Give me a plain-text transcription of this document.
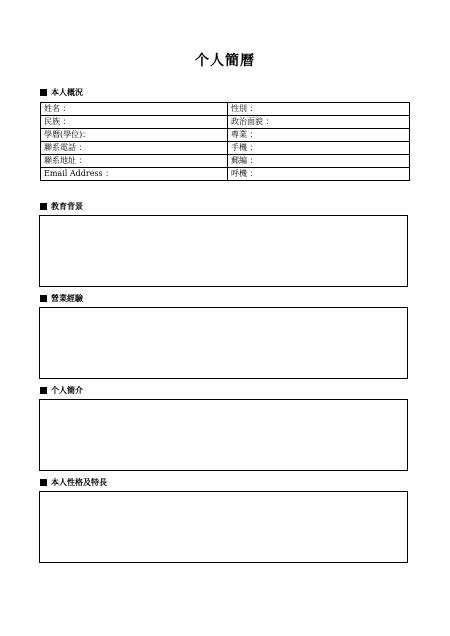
个人簡曆
本人概況
姓名 ：	性別 ：
民族 ：	政治面貌 ：
學曆(學位)：	專業 ：
聯系電話 ：	手機 ：
聯系地址 ：	郵編 ：
Email Address ：	呼機 ：
教育背景
營業經驗
个人簡介
本人性格及特長
